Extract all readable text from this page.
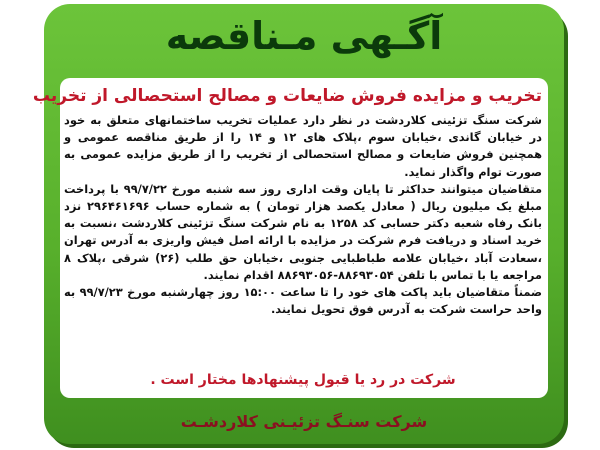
آگـهی مـناقصه
تخریب و مزایده فروش ضایعات و مصالح استحصالی از تخریب

شرکت سنگ تزئینی کلاردشت در نظر دارد عملیات تخریب ساختمانهای متعلق به خود در خیابان گاندی ،خیابان سوم ،پلاک های ۱۲ و ۱۴ را از طریق مناقصه عمومی و همچنین فروش ضایعات و مصالح استحصالی از تخریب را از طریق مزایده عمومی به صورت توام واگذار نماید.

متقاضیان میتوانند حداکثر تا پایان وقت اداری روز سه شنبه مورخ ۹۹/۷/۲۲ با پرداخت مبلغ یک میلیون ریال ( معادل یکصد هزار تومان ) به شماره حساب ۲۹۶۴۶۱۶۹۶ نزد بانک رفاه شعبه دکتر حسابی کد ۱۲۵۸ به نام شرکت سنگ تزئینی کلاردشت ،نسبت به خرید اسناد و دریافت فرم شرکت در مزایده با ارائه اصل فیش واریزی به آدرس تهران ،سعادت آباد ،خیابان علامه طباطبایی جنوبی ،خیابان حق طلب (۲۶) شرقی ،پلاک ۸ مراجعه یا با تماس با تلفن ۸۸۶۹۳۰۵۴-۸۸۶۹۳۰۵۶ اقدام نمایند.

ضمناً متقاضیان باید پاکت های خود را تا ساعت ۱۵:۰۰ روز چهارشنبه مورخ ۹۹/۷/۲۳ به واحد حراست شرکت به آدرس فوق تحویل نمایند.

شرکت در رد یا قبول پیشنهادها مختار است .
شرکت سنـگ تزئیـنی کلاردشـت
